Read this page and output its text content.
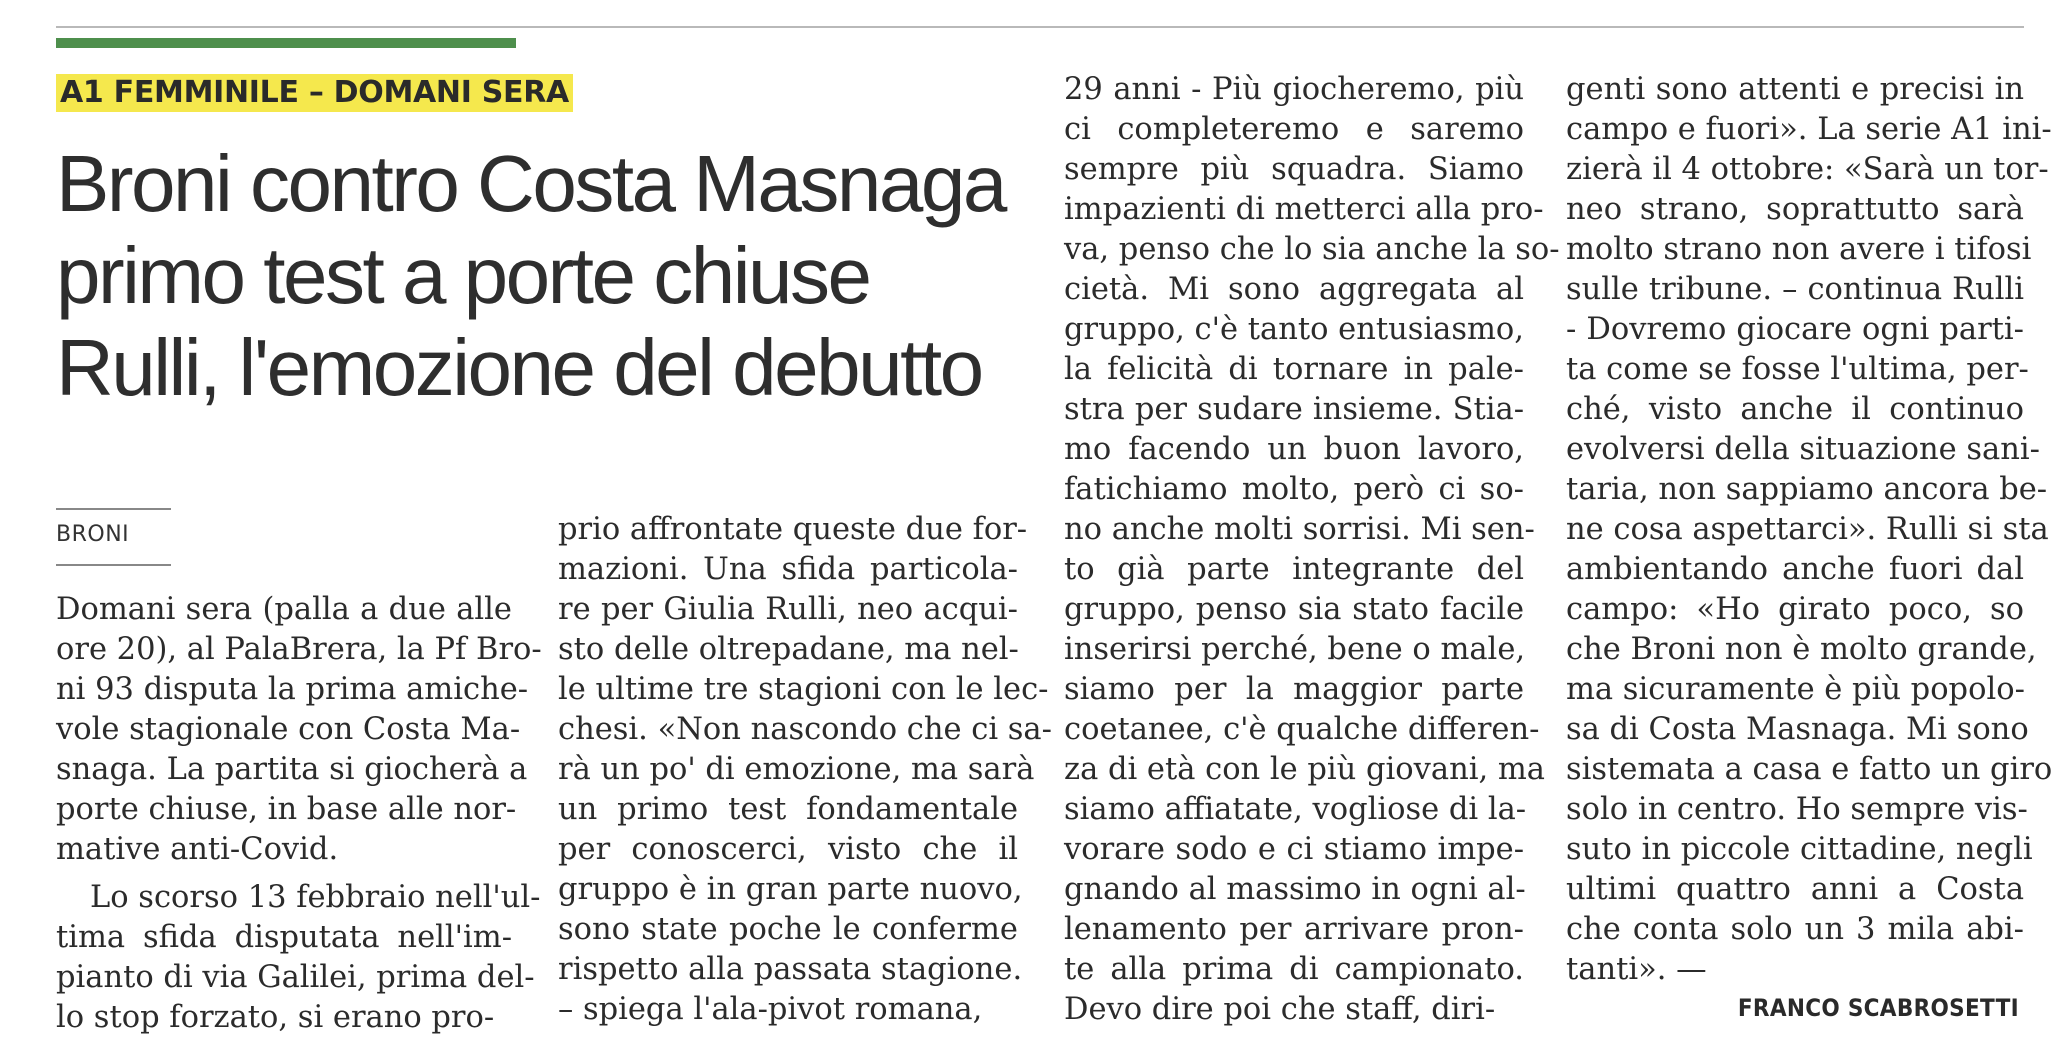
A1 FEMMINILE – DOMANI SERA
Broni contro Costa Masnaga
primo test a porte chiuse
Rulli, l'emozione del debutto
BRONI
Domani sera (palla a due alle
ore 20), al PalaBrera, la Pf Bro-
ni 93 disputa la prima amiche-
vole stagionale con Costa Ma-
snaga. La partita si giocherà a
porte chiuse, in base alle nor-
mative anti-Covid.
Lo scorso 13 febbraio nell'ul-
tima sfida disputata nell'im-
pianto di via Galilei, prima del-
lo stop forzato, si erano pro-
prio affrontate queste due for-
mazioni. Una sfida particola-
re per Giulia Rulli, neo acqui-
sto delle oltrepadane, ma nel-
le ultime tre stagioni con le lec-
chesi. «Non nascondo che ci sa-
rà un po' di emozione, ma sarà
un primo test fondamentale
per conoscerci, visto che il
gruppo è in gran parte nuovo,
sono state poche le conferme
rispetto alla passata stagione.
– spiega l'ala-pivot romana,
29 anni - Più giocheremo, più
ci completeremo e saremo
sempre più squadra. Siamo
impazienti di metterci alla pro-
va, penso che lo sia anche la so-
cietà. Mi sono aggregata al
gruppo, c'è tanto entusiasmo,
la felicità di tornare in pale-
stra per sudare insieme. Stia-
mo facendo un buon lavoro,
fatichiamo molto, però ci so-
no anche molti sorrisi. Mi sen-
to già parte integrante del
gruppo, penso sia stato facile
inserirsi perché, bene o male,
siamo per la maggior parte
coetanee, c'è qualche differen-
za di età con le più giovani, ma
siamo affiatate, vogliose di la-
vorare sodo e ci stiamo impe-
gnando al massimo in ogni al-
lenamento per arrivare pron-
te alla prima di campionato.
Devo dire poi che staff, diri-
genti sono attenti e precisi in
campo e fuori». La serie A1 ini-
zierà il 4 ottobre: «Sarà un tor-
neo strano, soprattutto sarà
molto strano non avere i tifosi
sulle tribune. – continua Rulli
- Dovremo giocare ogni parti-
ta come se fosse l'ultima, per-
ché, visto anche il continuo
evolversi della situazione sani-
taria, non sappiamo ancora be-
ne cosa aspettarci». Rulli si sta
ambientando anche fuori dal
campo: «Ho girato poco, so
che Broni non è molto grande,
ma sicuramente è più popolo-
sa di Costa Masnaga. Mi sono
sistemata a casa e fatto un giro
solo in centro. Ho sempre vis-
suto in piccole cittadine, negli
ultimi quattro anni a Costa
che conta solo un 3 mila abi-
tanti». —
FRANCO SCABROSETTI
